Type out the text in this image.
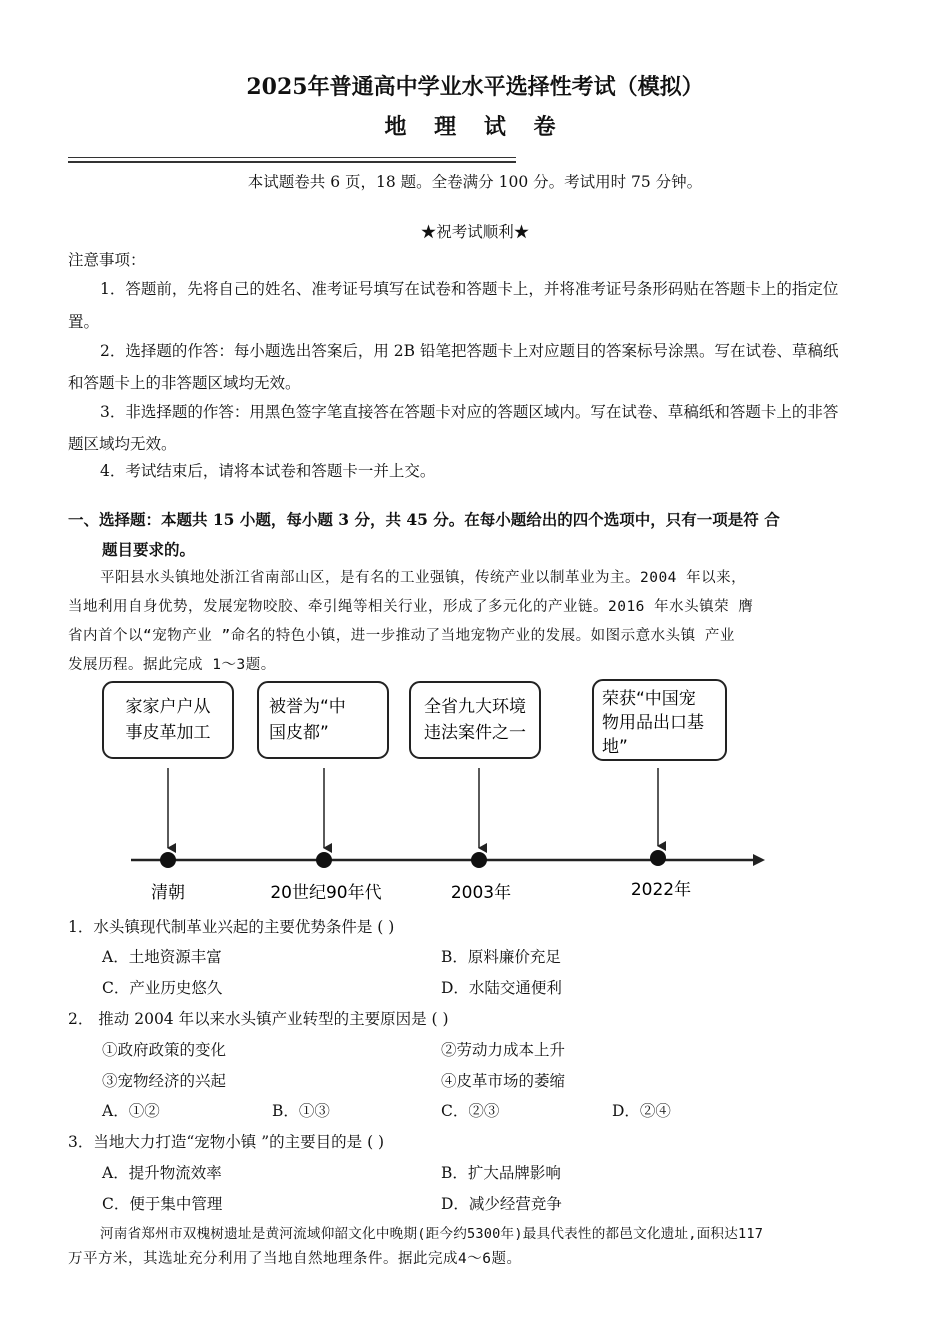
2025年普通高中学业水平选择性考试（模拟）
地 理 试 卷
本试题卷共 6 页，18 题。全卷满分 100 分。考试用时 75 分钟。
★祝考试顺利★
注意事项：
1．答题前，先将自己的姓名、准考证号填写在试卷和答题卡上，并将准考证号条形码贴在答题卡上的指定位
置。
2．选择题的作答：每小题选出答案后，用 2B 铅笔把答题卡上对应题目的答案标号涂黑。写在试卷、草稿纸
和答题卡上的非答题区域均无效。
3．非选择题的作答：用黑色签字笔直接答在答题卡对应的答题区域内。写在试卷、草稿纸和答题卡上的非答
题区域均无效。
4．考试结束后，请将本试卷和答题卡一并上交。
一、选择题：本题共 15 小题，每小题 3 分，共 45 分。在每小题给出的四个选项中，只有一项是符 合
题目要求的。
平阳县水头镇地处浙江省南部山区，是有名的工业强镇，传统产业以制革业为主。2004 年以来，
当地利用自身优势，发展宠物咬胶、牵引绳等相关行业，形成了多元化的产业链。2016 年水头镇荣 膺
省内首个以“宠物产业 ”命名的特色小镇，进一步推动了当地宠物产业的发展。如图示意水头镇 产业
发展历程。据此完成 1～3题。
家家户户从
事皮革加工
被誉为“中
国皮都”
全省九大环境
违法案件之一
荣获“中国宠
物用品出口基
地”
清朝	20世纪90年代	2003年	2022年
1．水头镇现代制革业兴起的主要优势条件是 ( )
A．土地资源丰富	B．原料廉价充足
C．产业历史悠久	D．水陆交通便利
2． 推动 2004 年以来水头镇产业转型的主要原因是 ( )
①政府政策的变化	②劳动力成本上升
③宠物经济的兴起	④皮革市场的萎缩
A．①②	B．①③	C．②③	D．②④
3．当地大力打造“宠物小镇 ”的主要目的是 ( )
A．提升物流效率	B．扩大品牌影响
C．便于集中管理	D．减少经营竞争
河南省郑州市双槐树遗址是黄河流域仰韶文化中晚期(距今约5300年)最具代表性的都邑文化遗址,面积达117
万平方米，其选址充分利用了当地自然地理条件。据此完成4～6题。
